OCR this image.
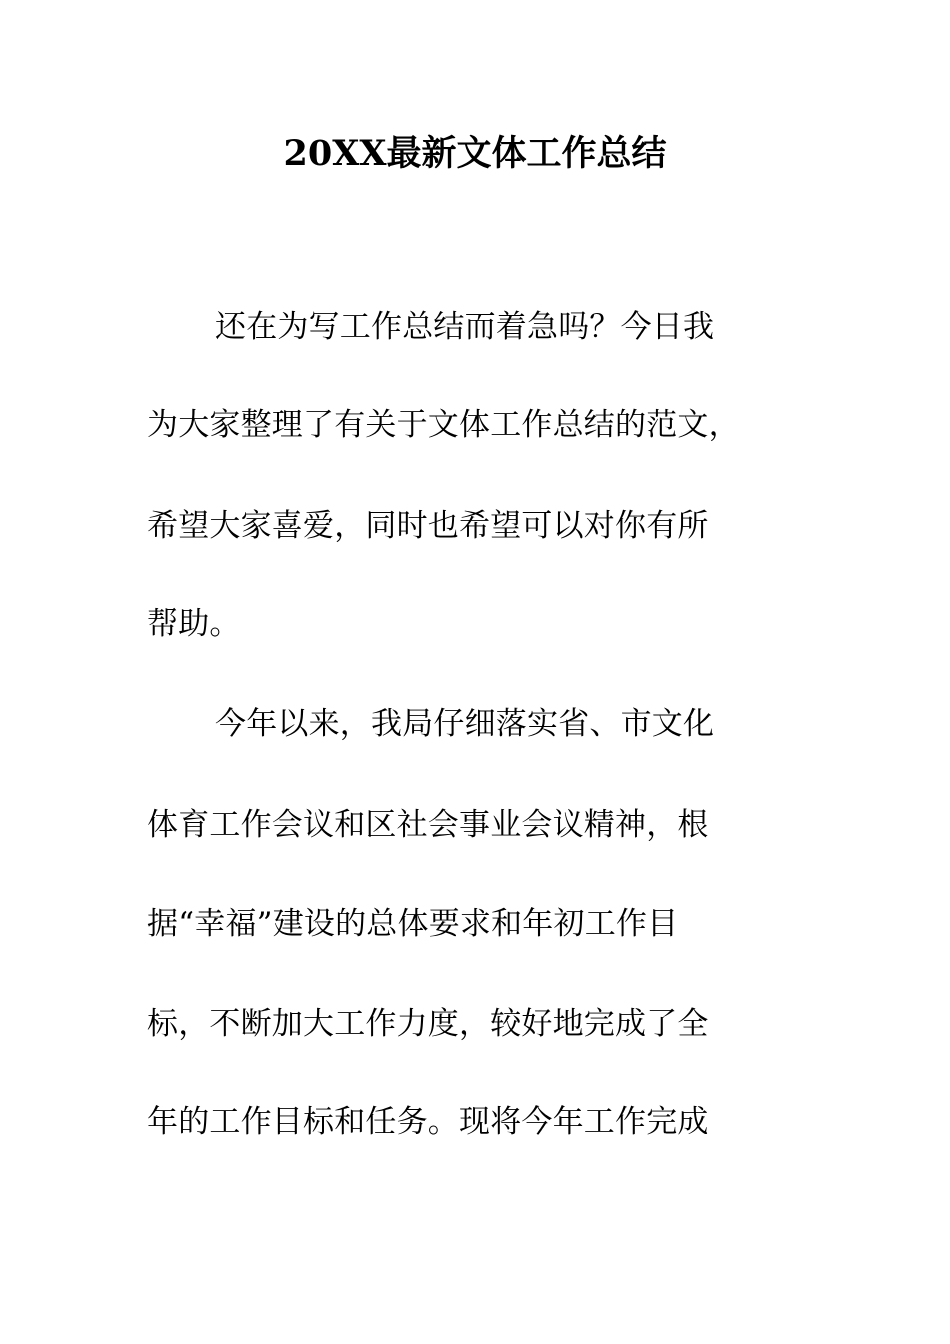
20XX最新文体工作总结
还在为写工作总结而着急吗？今日我
为大家整理了有关于文体工作总结的范文，
希望大家喜爱，同时也希望可以对你有所
帮助。
今年以来，我局仔细落实省、市文化
体育工作会议和区社会事业会议精神，根
据“幸福”建设的总体要求和年初工作目
标，不断加大工作力度，较好地完成了全
年的工作目标和任务。现将今年工作完成
